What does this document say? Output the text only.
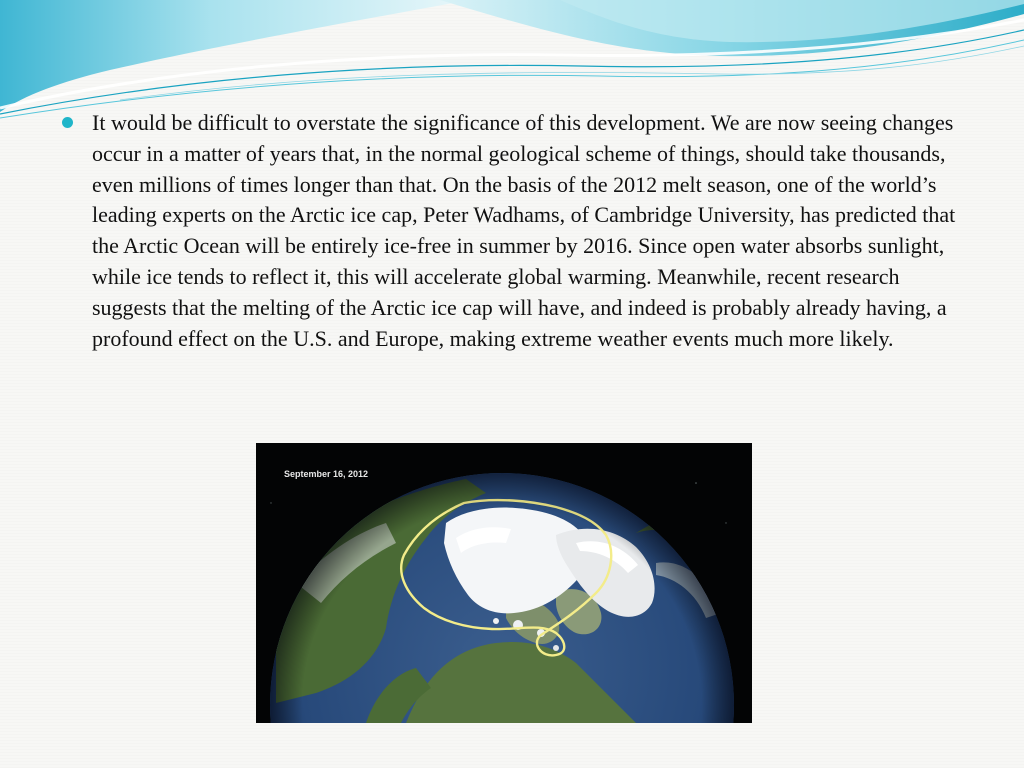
It would be difficult to overstate the significance of this development. We are now seeing changes occur in a matter of years that, in the normal geological scheme of things, should take thousands, even millions of times longer than that. On the basis of the 2012 melt season, one of the world’s leading experts on the Arctic ice cap, Peter Wadhams, of Cambridge University, has predicted that the Arctic Ocean will be entirely ice-free in summer by 2016. Since open water absorbs sunlight, while ice tends to reflect it, this will accelerate global warming. Meanwhile, recent research suggests that the melting of the Arctic ice cap will have, and indeed is probably already having, a profound effect on the U.S. and Europe, making extreme weather events much more likely.
September 16, 2012
